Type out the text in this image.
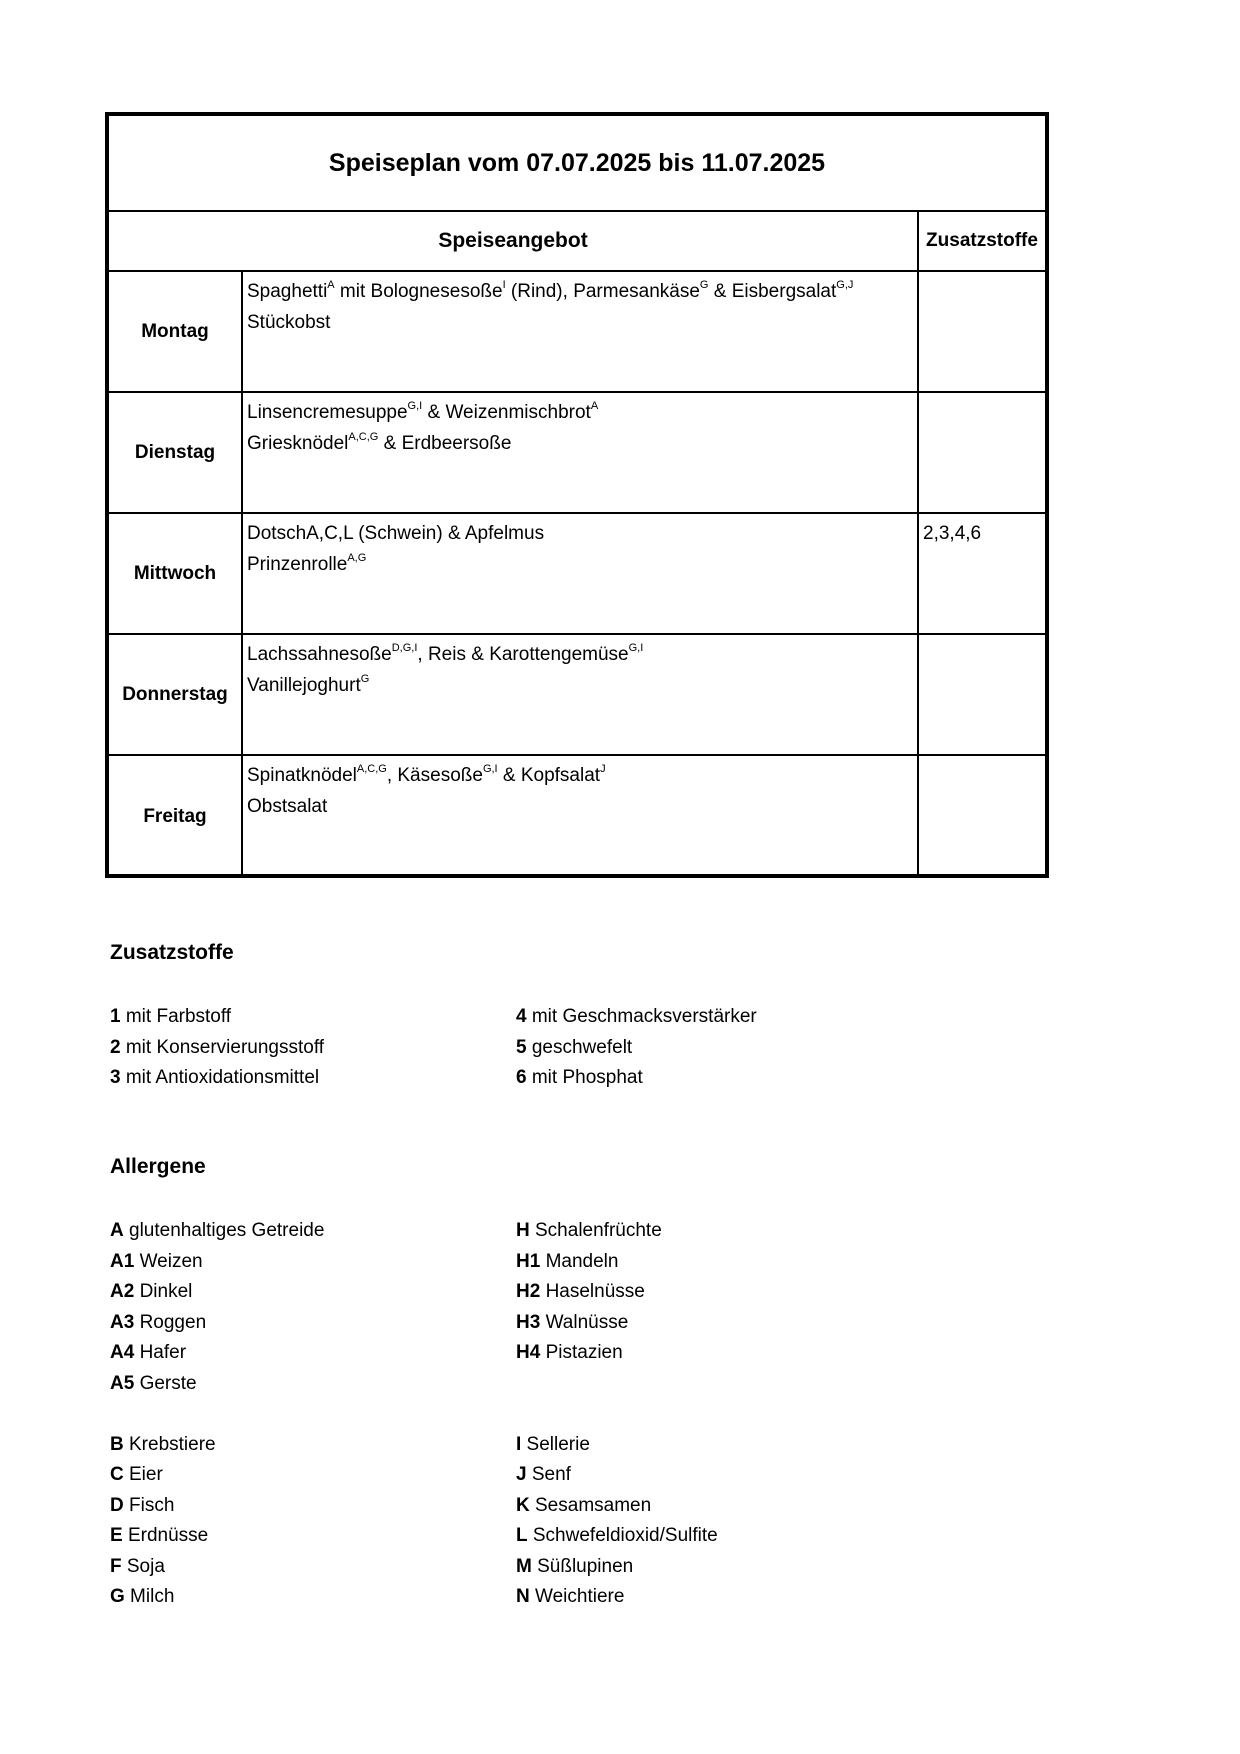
Speiseplan vom 07.07.2025 bis 11.07.2025
Speiseangebot	Zusatzstoffe
Montag
Spaghetti$^A$ mit Bolognesesoße$^I$ (Rind), Parmesankäse$^G$ & Eisbergsalat$^{G,J}$
Stückobst
Dienstag
Linsencremesuppe$^{G,I}$ & Weizenmischbrot$^A$
Griesknödel$^{A,C,G}$ & Erdbeersoße
Mittwoch
DotschA,C,L (Schwein) & Apfelmus
Prinzenrolle$^{A,G}$
2,3,4,6
Donnerstag
Lachssahnesoße$^{D,G,I}$, Reis & Karottengemüse$^{G,I}$
Vanillejoghurt$^G$
Freitag
Spinatknödel$^{A,C,G}$, Käsesoße$^{G,I}$ & Kopfsalat$^J$
Obstsalat
Zusatzstoffe
1 mit Farbstoff
2 mit Konservierungsstoff
3 mit Antioxidationsmittel
4 mit Geschmacksverstärker
5 geschwefelt
6 mit Phosphat
Allergene
A glutenhaltiges Getreide
A1 Weizen
A2 Dinkel
A3 Roggen
A4 Hafer
A5 Gerste
B Krebstiere
C Eier
D Fisch
E Erdnüsse
F Soja
G Milch
H Schalenfrüchte
H1 Mandeln
H2 Haselnüsse
H3 Walnüsse
H4 Pistazien
I Sellerie
J Senf
K Sesamsamen
L Schwefeldioxid/Sulfite
M Süßlupinen
N Weichtiere
